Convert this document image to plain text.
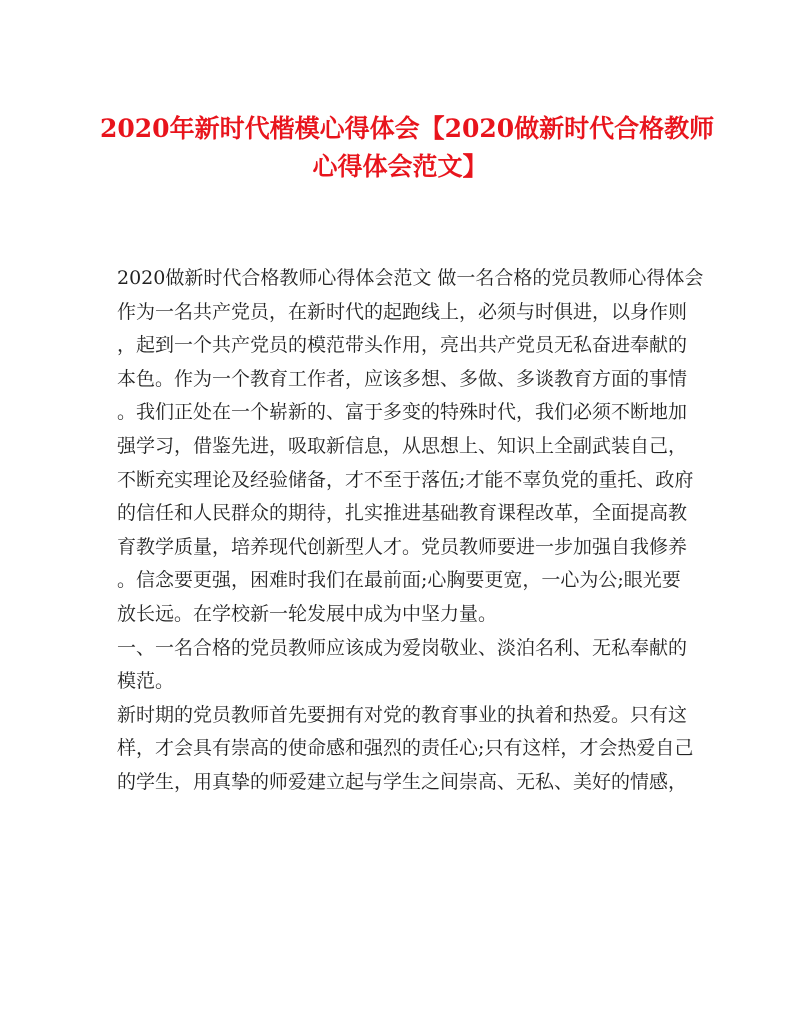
2020年新时代楷模心得体会【2020做新时代合格教师
心得体会范文】
2020做新时代合格教师心得体会范文 做一名合格的党员教师心得体会
作为一名共产党员，在新时代的起跑线上，必须与时俱进，以身作则
，起到一个共产党员的模范带头作用，亮出共产党员无私奋进奉献的
本色。作为一个教育工作者，应该多想、多做、多谈教育方面的事情
。我们正处在一个崭新的、富于多变的特殊时代，我们必须不断地加
强学习，借鉴先进，吸取新信息，从思想上、知识上全副武装自己，
不断充实理论及经验储备，才不至于落伍;才能不辜负党的重托、政府
的信任和人民群众的期待，扎实推进基础教育课程改革，全面提高教
育教学质量，培养现代创新型人才。党员教师要进一步加强自我修养
。信念要更强，困难时我们在最前面;心胸要更宽，一心为公;眼光要
放长远。在学校新一轮发展中成为中坚力量。
一、一名合格的党员教师应该成为爱岗敬业、淡泊名利、无私奉献的
模范。
新时期的党员教师首先要拥有对党的教育事业的执着和热爱。只有这
样，才会具有崇高的使命感和强烈的责任心;只有这样，才会热爱自己
的学生，用真挚的师爱建立起与学生之间崇高、无私、美好的情感，
